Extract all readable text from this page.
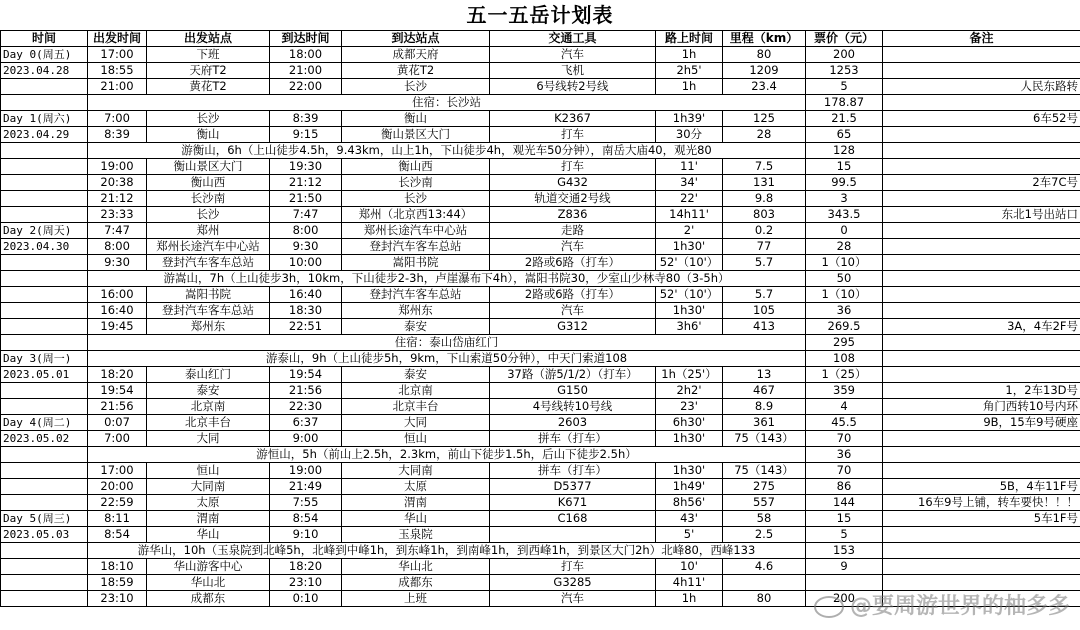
五一五岳计划表
时间	出发时间	出发站点	到达时间	到达站点	交通工具	路上时间	里程（km）	票价（元）	备注
Day 0(周五)	17:00	下班	18:00	成都天府	汽车	1h	80	200	
2023.04.28	18:55	天府T2	21:00	黄花T2	飞机	2h5'	1209	1253	
	21:00	黄花T2	22:00	长沙	6号线转2号线	1h	23.4	5	人民东路转
	住宿：长沙站							178.87	
Day 1(周六)	7:00	长沙	8:39	衡山	K2367	1h39'	125	21.5	6车52号
2023.04.29	8:39	衡山	9:15	衡山景区大门	打车	30分	28	65	
	游衡山，6h（上山徒步4.5h，9.43km，山上1h，下山徒步4h，观光车50分钟），南岳大庙40，观光80							128	
	19:00	衡山景区大门	19:30	衡山西	打车	11'	7.5	15	
	20:38	衡山西	21:12	长沙南	G432	34'	131	99.5	2车7C号
	21:12	长沙南	21:50	长沙	轨道交通2号线	22'	9.8	3	
	23:33	长沙	7:47	郑州（北京西13:44）	Z836	14h11'	803	343.5	东北1号出站口
Day 2(周天)	7:47	郑州	8:00	郑州长途汽车中心站	走路	2'	0.2	0	
2023.04.30	8:00	郑州长途汽车中心站	9:30	登封汽车客车总站	汽车	1h30'	77	28	
	9:30	登封汽车客车总站	10:00	嵩阳书院	2路或6路（打车）	52'（10'）	5.7	1（10）	
	游嵩山，7h（上山徒步3h，10km，下山徒步2-3h，卢崖瀑布下4h），嵩阳书院30，少室山少林寺80（3-5h）							50	
	16:00	嵩阳书院	16:40	登封汽车客车总站	2路或6路（打车）	52'（10'）	5.7	1（10）	
	16:40	登封汽车客车总站	18:30	郑州东	汽车	1h30'	105	36	
	19:45	郑州东	22:51	泰安	G312	3h6'	413	269.5	3A，4车2F号
	住宿：泰山岱庙红门							295	
Day 3(周一)	游泰山，9h（上山徒步5h，9km，下山索道50分钟），中天门索道108							108	
2023.05.01	18:20	泰山红门	19:54	泰安	37路（游5/1/2）（打车）	1h（25'）	13	1（25）	
	19:54	泰安	21:56	北京南	G150	2h2'	467	359	1，2车13D号
	21:56	北京南	22:30	北京丰台	4号线转10号线	23'	8.9	4	角门西转10号内环
Day 4(周二)	0:07	北京丰台	6:37	大同	2603	6h30'	361	45.5	9B，15车9号硬座
2023.05.02	7:00	大同	9:00	恒山	拼车（打车）	1h30'	75（143）	70	
	游恒山，5h（前山上2.5h，2.3km，前山下徒步1.5h，后山下徒步2.5h）							36	
	17:00	恒山	19:00	大同南	拼车（打车）	1h30'	75（143）	70	
	20:00	大同南	21:49	太原	D5377	1h49'	275	86	5B，4车11F号
	22:59	太原	7:55	渭南	K671	8h56'	557	144	16车9号上铺，转车要快！！！
Day 5(周三)	8:11	渭南	8:54	华山	C168	43'	58	15	5车1F号
2023.05.03	8:54	华山	9:10	玉泉院		5'	2.5	5	
	游华山，10h（玉泉院到北峰5h，北峰到中峰1h，到东峰1h，到南峰1h，到西峰1h，到景区大门2h）北峰80，西峰133							153	
	18:10	华山游客中心	18:20	华山北	打车	10'	4.6	9	
	18:59	华山北	23:10	成都东	G3285	4h11'			
	23:10	成都东	0:10	上班	汽车	1h	80	200	
@要周游世界的柚多多
